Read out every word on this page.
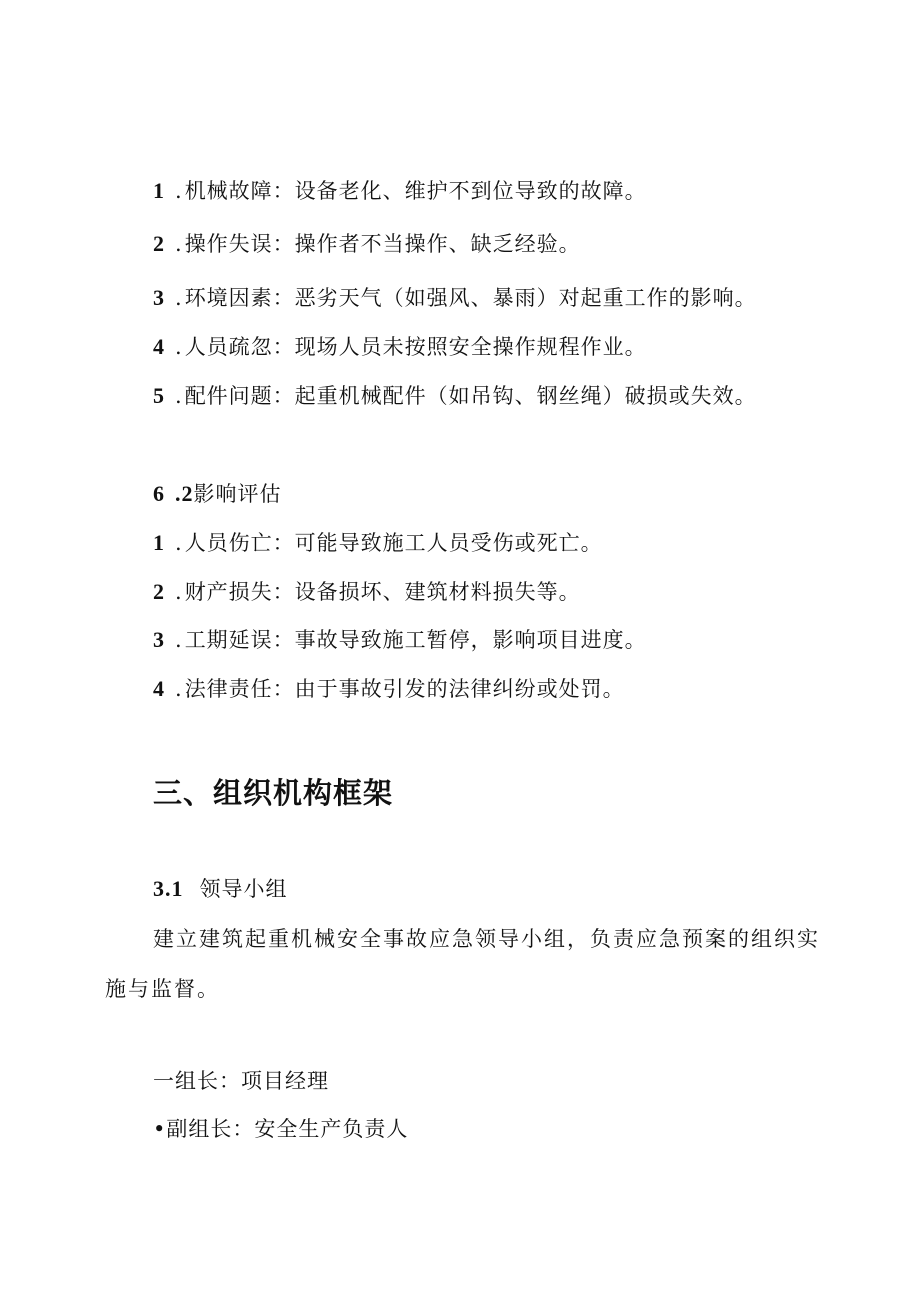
1 .机械故障：设备老化、维护不到位导致的故障。
2 .操作失误：操作者不当操作、缺乏经验。
3 .环境因素：恶劣天气（如强风、暴雨）对起重工作的影响。
4 .人员疏忽：现场人员未按照安全操作规程作业。
5 .配件问题：起重机械配件（如吊钩、钢丝绳）破损或失效。
6 .2影响评估
1 .人员伤亡：可能导致施工人员受伤或死亡。
2 .财产损失：设备损坏、建筑材料损失等。
3 .工期延误：事故导致施工暂停，影响项目进度。
4 .法律责任：由于事故引发的法律纠纷或处罚。
三、组织机构框架
3.1 领导小组
建立建筑起重机械安全事故应急领导小组，负责应急预案的组织实施与监督。
一组长：项目经理
•副组长：安全生产负责人
